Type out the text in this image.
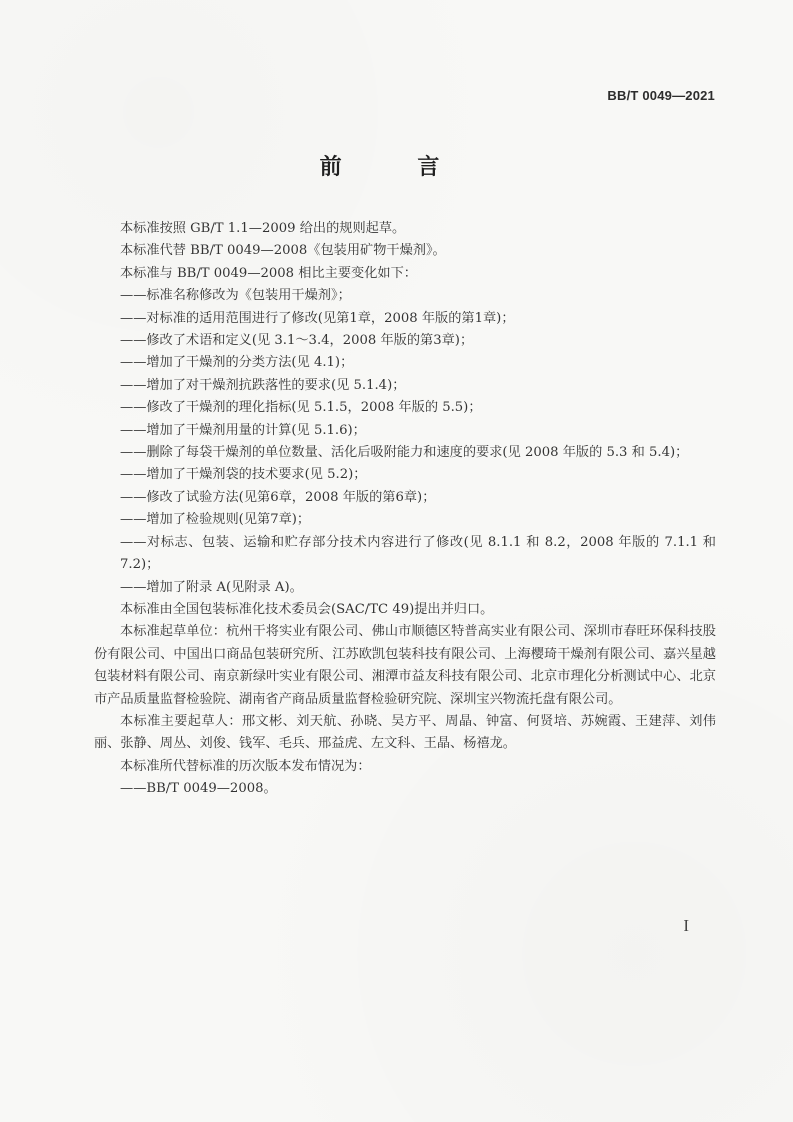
BB/T 0049—2021
前 言

本标准按照 GB/T 1.1—2009 给出的规则起草。

本标准代替 BB/T 0049—2008《包装用矿物干燥剂》。

本标准与 BB/T 0049—2008 相比主要变化如下：

——标准名称修改为《包装用干燥剂》；

——对标准的适用范围进行了修改(见第1章，2008 年版的第1章)；

——修改了术语和定义(见 3.1～3.4，2008 年版的第3章)；

——增加了干燥剂的分类方法(见 4.1)；

——增加了对干燥剂抗跌落性的要求(见 5.1.4)；

——修改了干燥剂的理化指标(见 5.1.5，2008 年版的 5.5)；

——增加了干燥剂用量的计算(见 5.1.6)；

——删除了每袋干燥剂的单位数量、活化后吸附能力和速度的要求(见 2008 年版的 5.3 和 5.4)；

——增加了干燥剂袋的技术要求(见 5.2)；

——修改了试验方法(见第6章，2008 年版的第6章)；

——增加了检验规则(见第7章)；

——对标志、包装、运输和贮存部分技术内容进行了修改(见 8.1.1 和 8.2，2008 年版的 7.1.1 和 7.2)；

——增加了附录 A(见附录 A)。

本标准由全国包装标准化技术委员会(SAC/TC 49)提出并归口。

本标准起草单位：杭州干将实业有限公司、佛山市顺德区特普高实业有限公司、深圳市春旺环保科技股份有限公司、中国出口商品包装研究所、江苏欧凯包装科技有限公司、上海樱琦干燥剂有限公司、嘉兴星越包装材料有限公司、南京新绿叶实业有限公司、湘潭市益友科技有限公司、北京市理化分析测试中心、北京市产品质量监督检验院、湖南省产商品质量监督检验研究院、深圳宝兴物流托盘有限公司。

本标准主要起草人：邢文彬、刘天航、孙晓、吴方平、周晶、钟富、何贤培、苏婉霞、王建萍、刘伟丽、张静、周丛、刘俊、钱军、毛兵、邢益虎、左文科、王晶、杨禧龙。

本标准所代替标准的历次版本发布情况为：

——BB/T 0049—2008。

I
